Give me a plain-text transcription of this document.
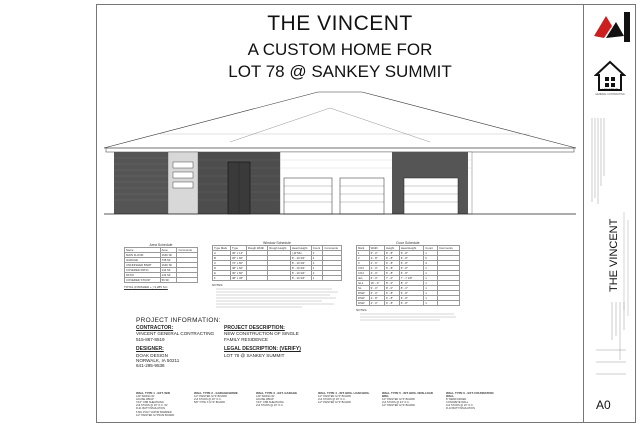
THE VINCENT
A CUSTOM HOME FOR
LOT 78 @ SANKEY SUMMIT
Area Schedule
Name	Area	Comments
MAIN FLOOR	1646 SF	
GARAGE	738 SF	
UNFINISHED BSMT	1646 SF	
COVERED PATIO	144 SF	
PATIO	144 SF	
COVERED STOOP	56 SF	
TOTAL (FINISHED + ) 3,285 S.F.
Window Schedule
Type Mark	Type	Rough Width	Rough Height	Head Height	Count	Comments
A	36" x 12"			(-)6"Min	3	
B	36" x 60"			8' - 10 3/4"	4	
C	72" x 60"			8' - 10 3/4"	2	
D	48" x 60"			8' - 10 3/4"	1	
E	30" x 60"			8' - 10 3/4"	2	
F	48" x 36"			8' - 10 3/4"	1	
NOTES:
Door Schedule
Mark	Width	Height	Head Height	Count	Comments
1	3' - 0"	6' - 8"	6' - 8"	1	
2	2' - 8"	6' - 8"	6' - 8"	6	
3	2' - 6"	6' - 8"	6' - 8"	3	
CO3	2' - 0"	6' - 8"	6' - 8"	1	
CO4	4' - 0"	6' - 8"	6' - 8"	1	
4e1	6' - 0"	7' - 0"	7' - 7 1/8"	1	
GL1	16' - 0"	8' - 0"	8' - 0"	1	
SL	9' - 0"	8' - 0"	8' - 0"	1	
DSW	3' - 0"	6' - 8"	6' - 8"	1	
DSW	2' - 8"	6' - 8"	6' - 8"	1	
DSW	2' - 0"	6' - 8"	6' - 8"	1	
NOTES:
PROJECT INFORMATION:
CONTRACTOR:
VINCENT GENERAL CONTRACTING
515-867-8519
DESIGNER:
DOAK DESIGN
NORWALK, IA 50211
641-295-9536
PROJECT DESCRIPTION:
NEW CONSTRUCTION OF SINGLE
FAMILY RESIDENCE
LEGAL DESCRIPTION: (VERIFY)
LOT 78 @ SANKEY SUMMIT
WALL TYPE 1 - EXT. W/D
LAP SIDING W/
HOUSE WRAP
7/16" OSB SHEATHING
2x6 STUDS @ 16" O.C. W/
R-21 BATT INSULATION
6 MIL POLY VAPOR BARRIER
1/2" PAINTED GYPSUM BOARD
WALL TYPE 2 - GARAGE/HOME
1/2" PAINTED GYP. BOARD
2x4 STUDS @ 16" O.C.
5/8" TYPE X GYP. BOARD
WALL TYPE 3 - EXT. GARAGE
LAP SIDING W/
HOUSE WRAP
7/16" OSB SHEATHING
2x4 STUDS @ 16" O.C.
WALL TYPE 4 - INT. BRG. LOAD BRG.
1/2" PAINTED GYP. BOARD
2x4 STUDS @ 16" O.C.
1/2" PAINTED GYP. BOARD
WALL TYPE 5 - INT. BRG. NON-LOAD BRG.
1/2" PAINTED GYP. BOARD
2x4 STUDS @ 24" O.C.
1/2" PAINTED GYP. BOARD
WALL TYPE 6 - EXT. FOUNDATION WALL
8" REINFORCED
CONCRETE WALL
2x4 STUDS @ 16" O.C.
R-13 BATT INSULATION
VINCENT
GENERAL CONTRACTING
THE VINCENT
A0
